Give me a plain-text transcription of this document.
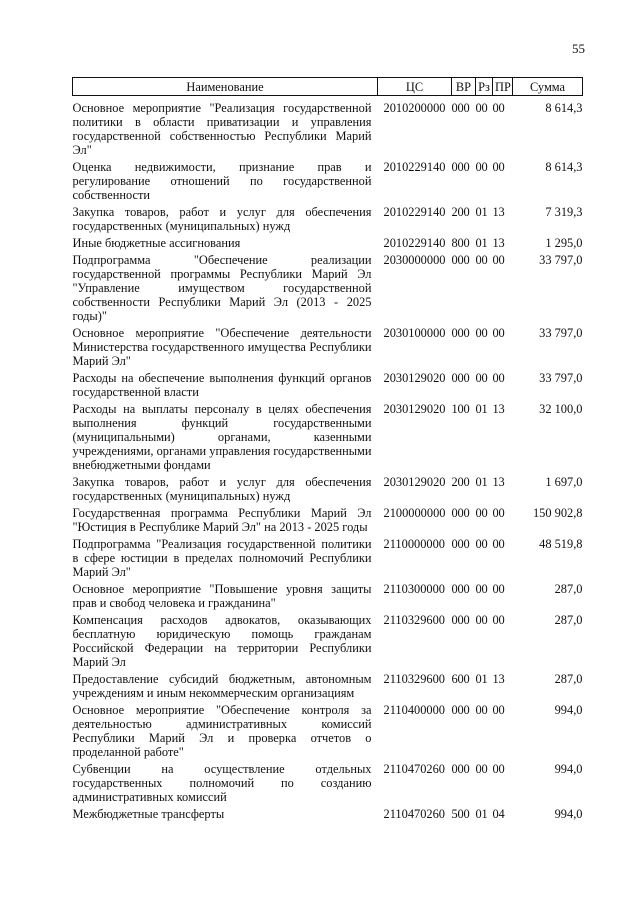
55
Наименование	ЦС	ВР	Рз	ПР	Сумма
Основное мероприятие "Реализация государственной политики в области приватизации и управления государственной собственностью Республики Марий Эл"	2010200000	000	00	00	8 614,3
Оценка недвижимости, признание прав и регулирование отношений по государственной собственности	2010229140	000	00	00	8 614,3
Закупка товаров, работ и услуг для обеспечения государственных (муниципальных) нужд	2010229140	200	01	13	7 319,3
Иные бюджетные ассигнования	2010229140	800	01	13	1 295,0
Подпрограмма "Обеспечение реализации государственной программы Республики Марий Эл "Управление имуществом государственной собственности Республики Марий Эл (2013 - 2025 годы)"	2030000000	000	00	00	33 797,0
Основное мероприятие "Обеспечение деятельности Министерства государственного имущества Республики Марий Эл"	2030100000	000	00	00	33 797,0
Расходы на обеспечение выполнения функций органов государственной власти	2030129020	000	00	00	33 797,0
Расходы на выплаты персоналу в целях обеспечения выполнения функций государственными (муниципальными) органами, казенными учреждениями, органами управления государственными внебюджетными фондами	2030129020	100	01	13	32 100,0
Закупка товаров, работ и услуг для обеспечения государственных (муниципальных) нужд	2030129020	200	01	13	1 697,0
Государственная программа Республики Марий Эл "Юстиция в Республике Марий Эл" на 2013 - 2025 годы	2100000000	000	00	00	150 902,8
Подпрограмма "Реализация государственной политики в сфере юстиции в пределах полномочий Республики Марий Эл"	2110000000	000	00	00	48 519,8
Основное мероприятие "Повышение уровня защиты прав и свобод человека и гражданина"	2110300000	000	00	00	287,0
Компенсация расходов адвокатов, оказывающих бесплатную юридическую помощь гражданам Российской Федерации на территории Республики Марий Эл	2110329600	000	00	00	287,0
Предоставление субсидий бюджетным, автономным учреждениям и иным некоммерческим организациям	2110329600	600	01	13	287,0
Основное мероприятие "Обеспечение контроля за деятельностью административных комиссий Республики Марий Эл и проверка отчетов о проделанной работе"	2110400000	000	00	00	994,0
Субвенции на осуществление отдельных государственных полномочий по созданию административных комиссий	2110470260	000	00	00	994,0
Межбюджетные трансферты	2110470260	500	01	04	994,0
